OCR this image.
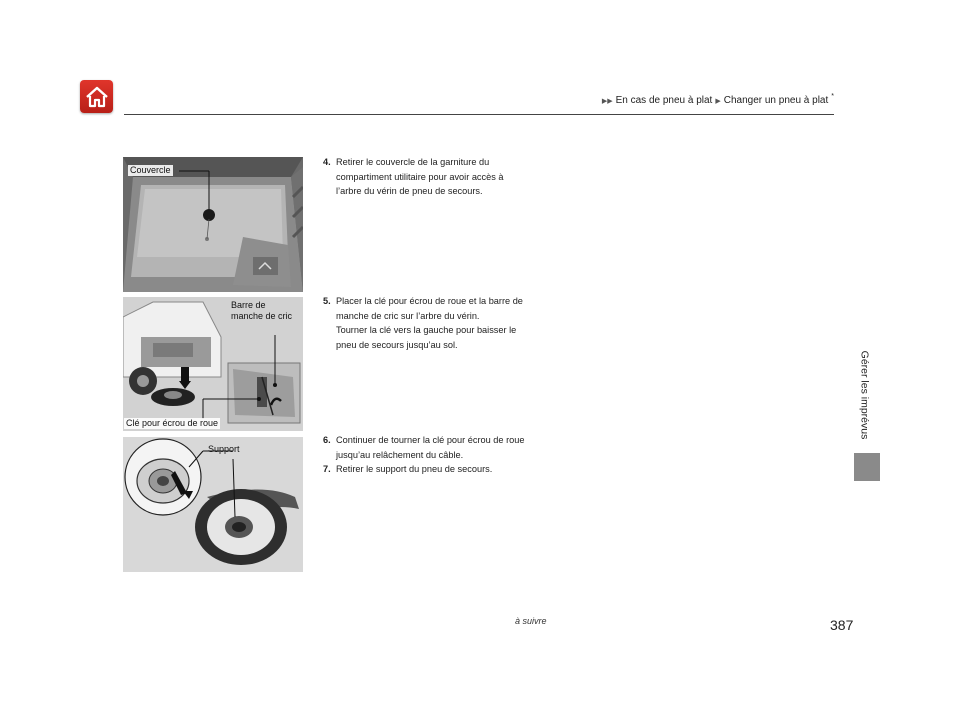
▶▶ En cas de pneu à plat ▶ Changer un pneu à plat *
Gérer les imprévus
Couvercle
Barre de
manche de cric
Clé pour écrou de roue
Support
4. Retirer le couvercle de la garniture du
compartiment utilitaire pour avoir accès à
l’arbre du vérin de pneu de secours.
5. Placer la clé pour écrou de roue et la barre de
manche de cric sur l’arbre du vérin.
Tourner la clé vers la gauche pour baisser le
pneu de secours jusqu’au sol.
6. Continuer de tourner la clé pour écrou de roue
jusqu’au relâchement du câble.
7. Retirer le support du pneu de secours.
à suivre	387
